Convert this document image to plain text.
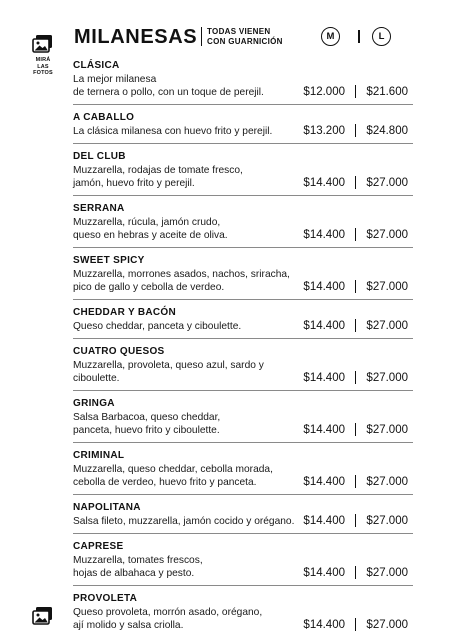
MIRÁ
LAS
FOTOS
MILANESAS TODAS VIENEN
CON GUARNICIÓN	M	L
CLÁSICA
La mejor milanesa
de ternera o pollo, con un toque de perejil.	$12.000 $21.600
A CABALLO
La clásica milanesa con huevo frito y perejil.	$13.200 $24.800
DEL CLUB
Muzzarella, rodajas de tomate fresco,
jamón, huevo frito y perejil.	$14.400 $27.000
SERRANA
Muzzarella, rúcula, jamón crudo,
queso en hebras y aceite de oliva.	$14.400 $27.000
SWEET SPICY
Muzzarella, morrones asados, nachos, sriracha,
pico de gallo y cebolla de verdeo.	$14.400 $27.000
CHEDDAR Y BACÓN
Queso cheddar, panceta y ciboulette.	$14.400 $27.000
CUATRO QUESOS
Muzzarella, provoleta, queso azul, sardo y ciboulette.	$14.400 $27.000
GRINGA
Salsa Barbacoa, queso cheddar,
panceta, huevo frito y ciboulette.	$14.400 $27.000
CRIMINAL
Muzzarella, queso cheddar, cebolla morada,
cebolla de verdeo, huevo frito y panceta.	$14.400 $27.000
NAPOLITANA
Salsa fileto, muzzarella, jamón cocido y orégano. $14.400 $27.000
CAPRESE
Muzzarella, tomates frescos,
hojas de albahaca y pesto.	$14.400 $27.000
PROVOLETA
Queso provoleta, morrón asado, orégano,
ají molido y salsa criolla.	$14.400 $27.000
